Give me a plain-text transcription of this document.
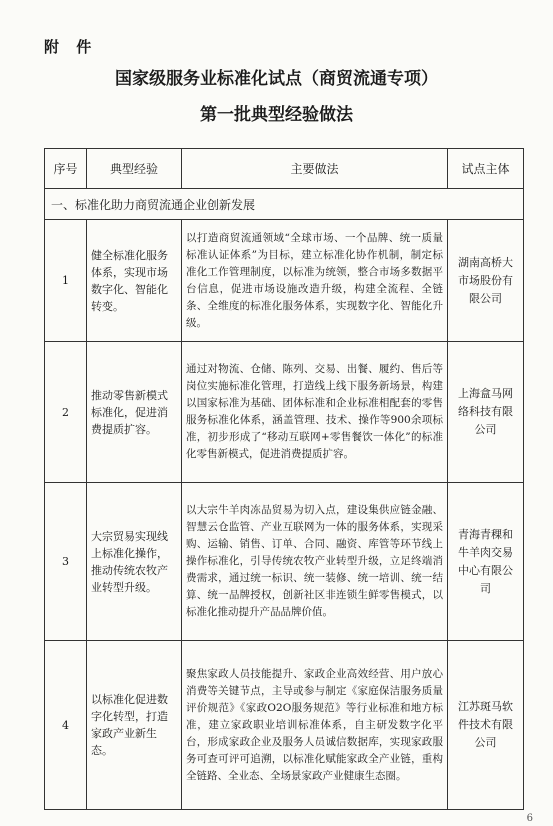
附 件
国家级服务业标准化试点（商贸流通专项）
第一批典型经验做法
序号	典型经验	主要做法	试点主体
一、标准化助力商贸流通企业创新发展			
1	健全标准化服务体系，实现市场数字化、智能化转变。	以打造商贸流通领域“全球市场、一个品牌、统一质量标准认证体系”为目标，建立标准化协作机制，制定标准化工作管理制度，以标准为统领，整合市场多数据平台信息，促进市场设施改造升级，构建全流程、全链条、全维度的标准化服务体系，实现数字化、智能化升级。	湖南高桥大市场股份有限公司
2	推动零售新模式标准化，促进消费提质扩容。	通过对物流、仓储、陈列、交易、出餐、履约、售后等岗位实施标准化管理，打造线上线下服务新场景，构建以国家标准为基础、团体标准和企业标准相配套的零售服务标准化体系，涵盖管理、技术、操作等900余项标准，初步形成了“移动互联网+零售餐饮一体化”的标准化零售新模式，促进消费提质扩容。	上海盒马网络科技有限公司
3	大宗贸易实现线上标准化操作，推动传统农牧产业转型升级。	以大宗牛羊肉冻品贸易为切入点，建设集供应链金融、智慧云仓监管、产业互联网为一体的服务体系，实现采购、运输、销售、订单、合同、融资、库管等环节线上操作标准化，引导传统农牧产业转型升级，立足终端消费需求，通过统一标识、统一装修、统一培训、统一结算、统一品牌授权，创新社区非连锁生鲜零售模式，以标准化推动提升产品品牌价值。	青海青稞和牛羊肉交易中心有限公司
4	以标准化促进数字化转型，打造家政产业新生态。	聚焦家政人员技能提升、家政企业高效经营、用户放心消费等关键节点，主导或参与制定《家庭保洁服务质量评价规范》《家政O2O服务规范》等行业标准和地方标准，建立家政职业培训标准体系，自主研发数字化平台，形成家政企业及服务人员诚信数据库，实现家政服务可查可评可追溯，以标准化赋能家政全产业链，重构全链路、全业态、全场景家政产业健康生态圈。	江苏斑马软件技术有限公司
6
